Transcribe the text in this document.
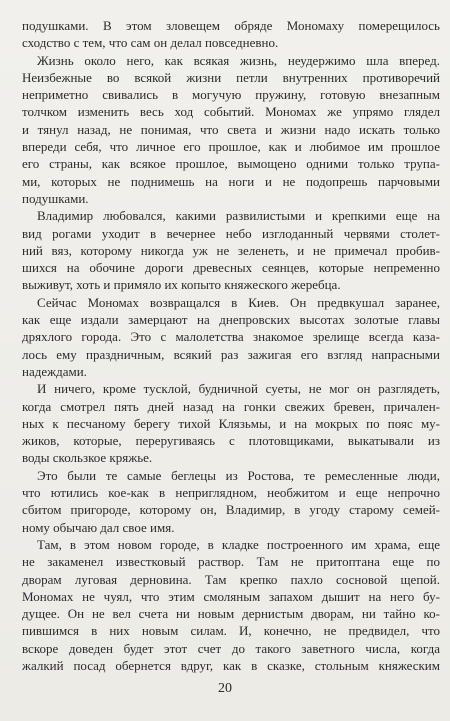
подушками. В этом зловещем обряде Мономаху померещилось
сходство с тем, что сам он делал повседневно.
Жизнь около него, как всякая жизнь, неудержимо шла вперед.
Неизбежные во всякой жизни петли внутренних противоречий
неприметно свивались в могучую пружину, готовую внезапным
толчком изменить весь ход событий. Мономах же упрямо глядел
и тянул назад, не понимая, что света и жизни надо искать только
впереди себя, что личное его прошлое, как и любимое им прошлое
его страны, как всякое прошлое, вымощено одними только трупа-
ми, которых не поднимешь на ноги и не подопрешь парчовыми
подушками.
Владимир любовался, какими развилистыми и крепкими еще на
вид рогами уходит в вечернее небо изглоданный червями столет-
ний вяз, которому никогда уж не зеленеть, и не примечал пробив-
шихся на обочине дороги древесных сеянцев, которые непременно
выживут, хоть и примяло их копыто княжеского жеребца.
Сейчас Мономах возвращался в Киев. Он предвкушал заранее,
как еще издали замерцают на днепровских высотах золотые главы
дряхлого города. Это с малолетства знакомое зрелище всегда каза-
лось ему праздничным, всякий раз зажигая его взгляд напрасными
надеждами.
И ничего, кроме тусклой, будничной суеты, не мог он разглядеть,
когда смотрел пять дней назад на гонки свежих бревен, причален-
ных к песчаному берегу тихой Клязьмы, и на мокрых по пояс му-
жиков, которые, переругиваясь с плотовщиками, выкатывали из
воды скользкое кряжье.
Это были те самые беглецы из Ростова, те ремесленные люди,
что ютились кое-как в неприглядном, необжитом и еще непрочно
сбитом пригороде, которому он, Владимир, в угоду старому семей-
ному обычаю дал свое имя.
Там, в этом новом городе, в кладке построенного им храма, еще
не закаменел известковый раствор. Там не притоптана еще по
дворам луговая дерновина. Там крепко пахло сосновой щепой.
Мономах не чуял, что этим смоляным запахом дышит на него бу-
дущее. Он не вел счета ни новым дернистым дворам, ни тайно ко-
пившимся в них новым силам. И, конечно, не предвидел, что
вскоре доведен будет этот счет до такого заветного числа, когда
жалкий посад обернется вдруг, как в сказке, стольным княжеским
20
